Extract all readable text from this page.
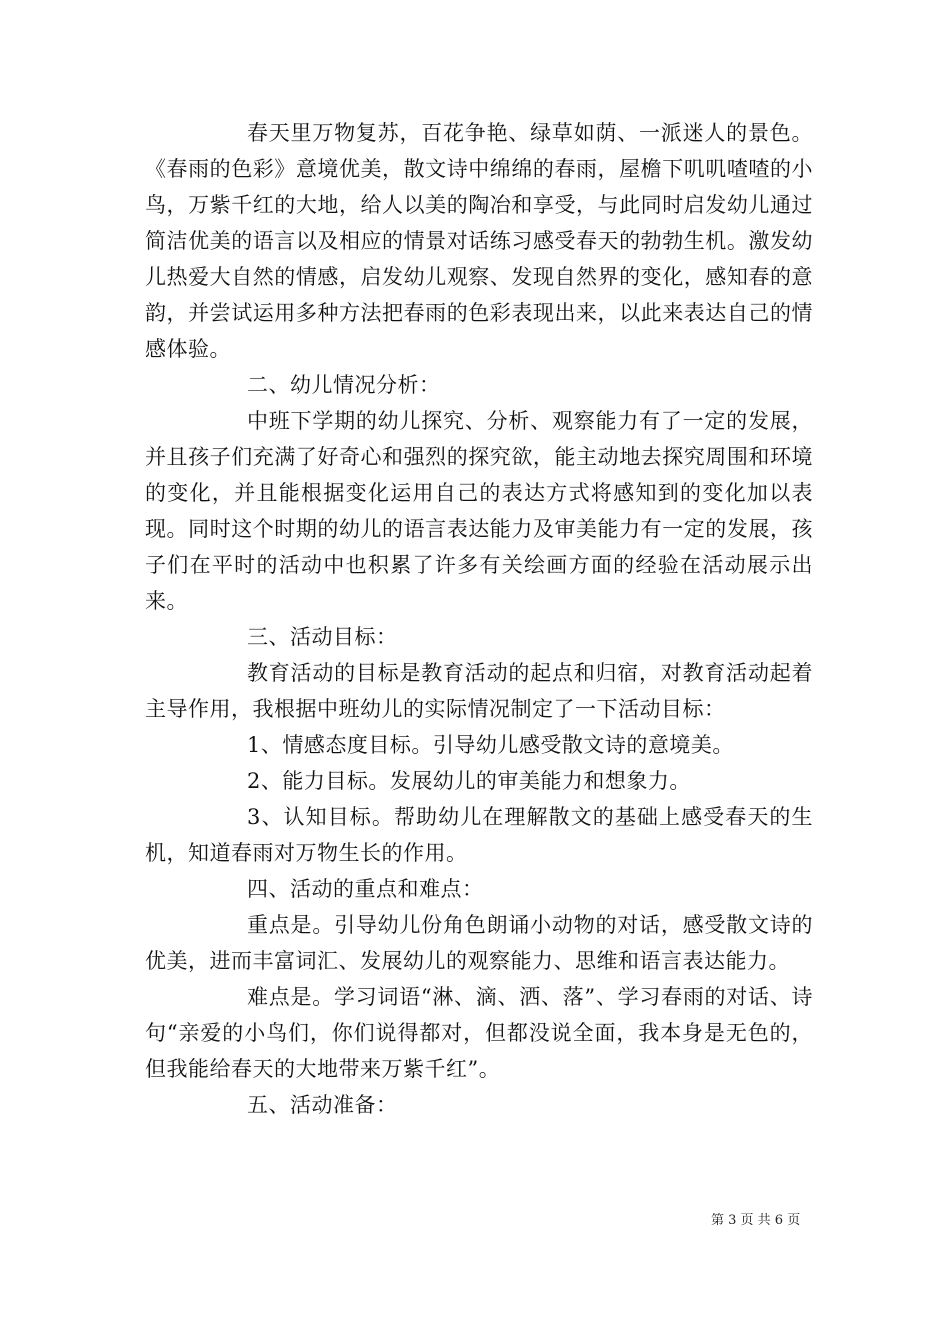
春天里万物复苏，百花争艳、绿草如荫、一派迷人的景色。《春雨的色彩》意境优美，散文诗中绵绵的春雨，屋檐下叽叽喳喳的小鸟，万紫千红的大地，给人以美的陶冶和享受，与此同时启发幼儿通过简洁优美的语言以及相应的情景对话练习感受春天的勃勃生机。激发幼儿热爱大自然的情感，启发幼儿观察、发现自然界的变化，感知春的意韵，并尝试运用多种方法把春雨的色彩表现出来，以此来表达自己的情感体验。

二、幼儿情况分析：

中班下学期的幼儿探究、分析、观察能力有了一定的发展，并且孩子们充满了好奇心和强烈的探究欲，能主动地去探究周围和环境的变化，并且能根据变化运用自己的表达方式将感知到的变化加以表现。同时这个时期的幼儿的语言表达能力及审美能力有一定的发展，孩子们在平时的活动中也积累了许多有关绘画方面的经验在活动展示出来。

三、活动目标：

教育活动的目标是教育活动的起点和归宿，对教育活动起着主导作用，我根据中班幼儿的实际情况制定了一下活动目标：

1、情感态度目标。引导幼儿感受散文诗的意境美。

2、能力目标。发展幼儿的审美能力和想象力。

3、认知目标。帮助幼儿在理解散文的基础上感受春天的生机，知道春雨对万物生长的作用。

四、活动的重点和难点：

重点是。引导幼儿份角色朗诵小动物的对话，感受散文诗的优美，进而丰富词汇、发展幼儿的观察能力、思维和语言表达能力。

难点是。学习词语“淋、滴、洒、落”、学习春雨的对话、诗句“亲爱的小鸟们，你们说得都对，但都没说全面，我本身是无色的，但我能给春天的大地带来万紫千红”。

五、活动准备：

第 3 页 共 6 页
